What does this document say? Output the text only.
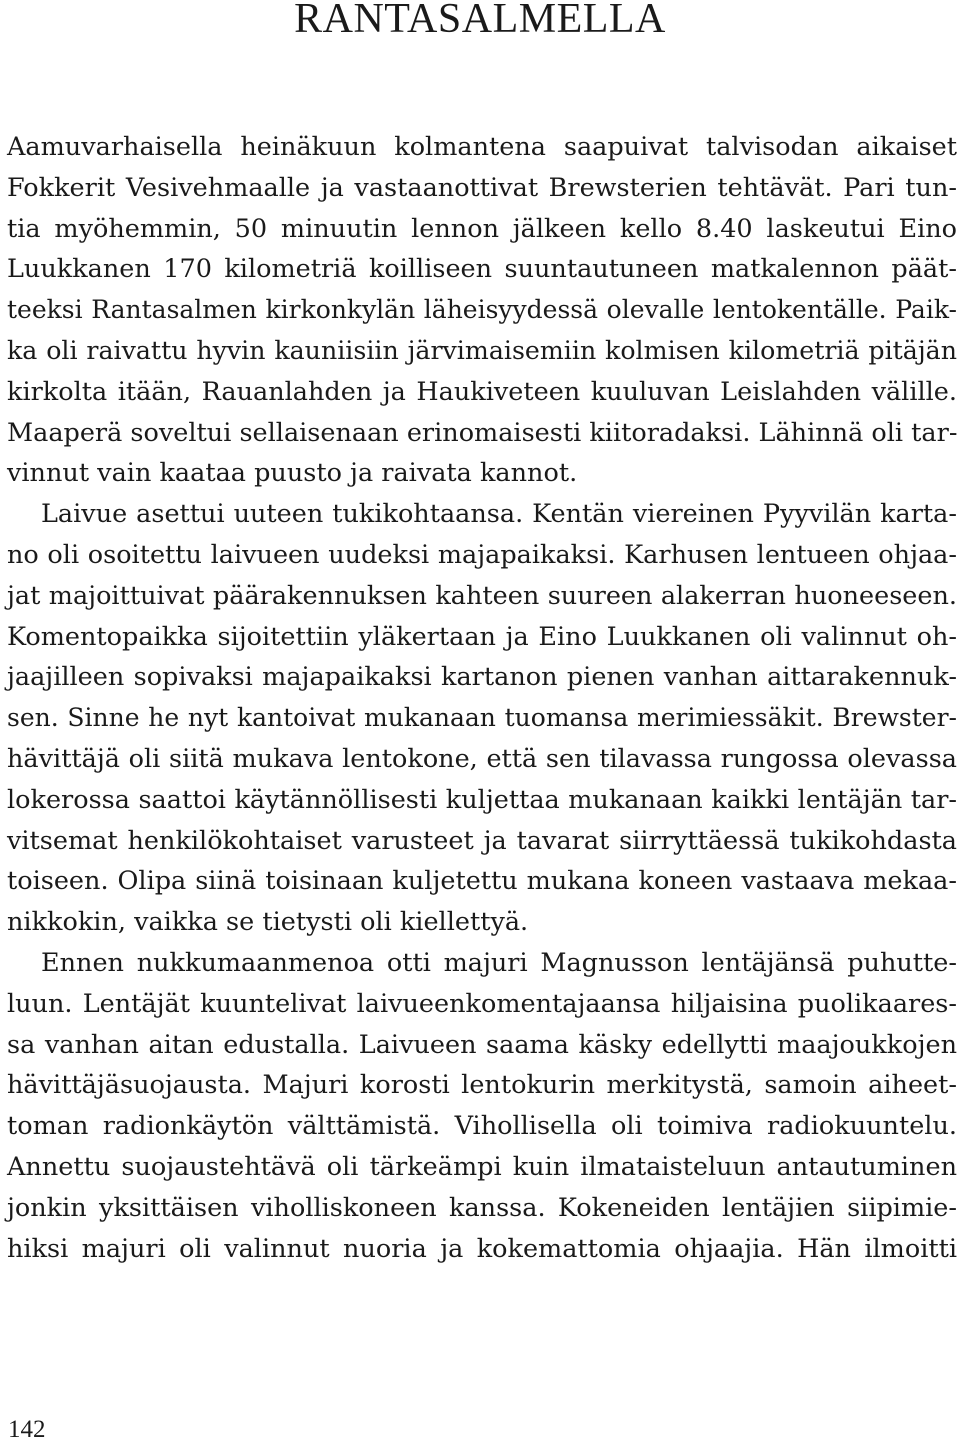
RANTASALMELLA
Aamuvarhaisella heinäkuun kolmantena saapuivat talvisodan aikaiset
Fokkerit Vesivehmaalle ja vastaanottivat Brewsterien tehtävät. Pari tun-
tia myöhemmin, 50 minuutin lennon jälkeen kello 8.40 laskeutui Eino
Luukkanen 170 kilometriä koilliseen suuntautuneen matkalennon päät-
teeksi Rantasalmen kirkonkylän läheisyydessä olevalle lentokentälle. Paik-
ka oli raivattu hyvin kauniisiin järvimaisemiin kolmisen kilometriä pitäjän
kirkolta itään, Rauanlahden ja Haukiveteen kuuluvan Leislahden välille.
Maaperä soveltui sellaisenaan erinomaisesti kiitoradaksi. Lähinnä oli tar-
vinnut vain kaataa puusto ja raivata kannot.
Laivue asettui uuteen tukikohtaansa. Kentän viereinen Pyyvilän karta-
no oli osoitettu laivueen uudeksi majapaikaksi. Karhusen lentueen ohjaa-
jat majoittuivat päärakennuksen kahteen suureen alakerran huoneeseen.
Komentopaikka sijoitettiin yläkertaan ja Eino Luukkanen oli valinnut oh-
jaajilleen sopivaksi majapaikaksi kartanon pienen vanhan aittarakennuk-
sen. Sinne he nyt kantoivat mukanaan tuomansa merimiessäkit. Brewster-
hävittäjä oli siitä mukava lentokone, että sen tilavassa rungossa olevassa
lokerossa saattoi käytännöllisesti kuljettaa mukanaan kaikki lentäjän tar-
vitsemat henkilökohtaiset varusteet ja tavarat siirryttäessä tukikohdasta
toiseen. Olipa siinä toisinaan kuljetettu mukana koneen vastaava mekaa-
nikkokin, vaikka se tietysti oli kiellettyä.
Ennen nukkumaanmenoa otti majuri Magnusson lentäjänsä puhutte-
luun. Lentäjät kuuntelivat laivueenkomentajaansa hiljaisina puolikaares-
sa vanhan aitan edustalla. Laivueen saama käsky edellytti maajoukkojen
hävittäjäsuojausta. Majuri korosti lentokurin merkitystä, samoin aiheet-
toman radionkäytön välttämistä. Vihollisella oli toimiva radiokuuntelu.
Annettu suojaustehtävä oli tärkeämpi kuin ilmataisteluun antautuminen
jonkin yksittäisen viholliskoneen kanssa. Kokeneiden lentäjien siipimie-
hiksi majuri oli valinnut nuoria ja kokemattomia ohjaajia. Hän ilmoitti
142
